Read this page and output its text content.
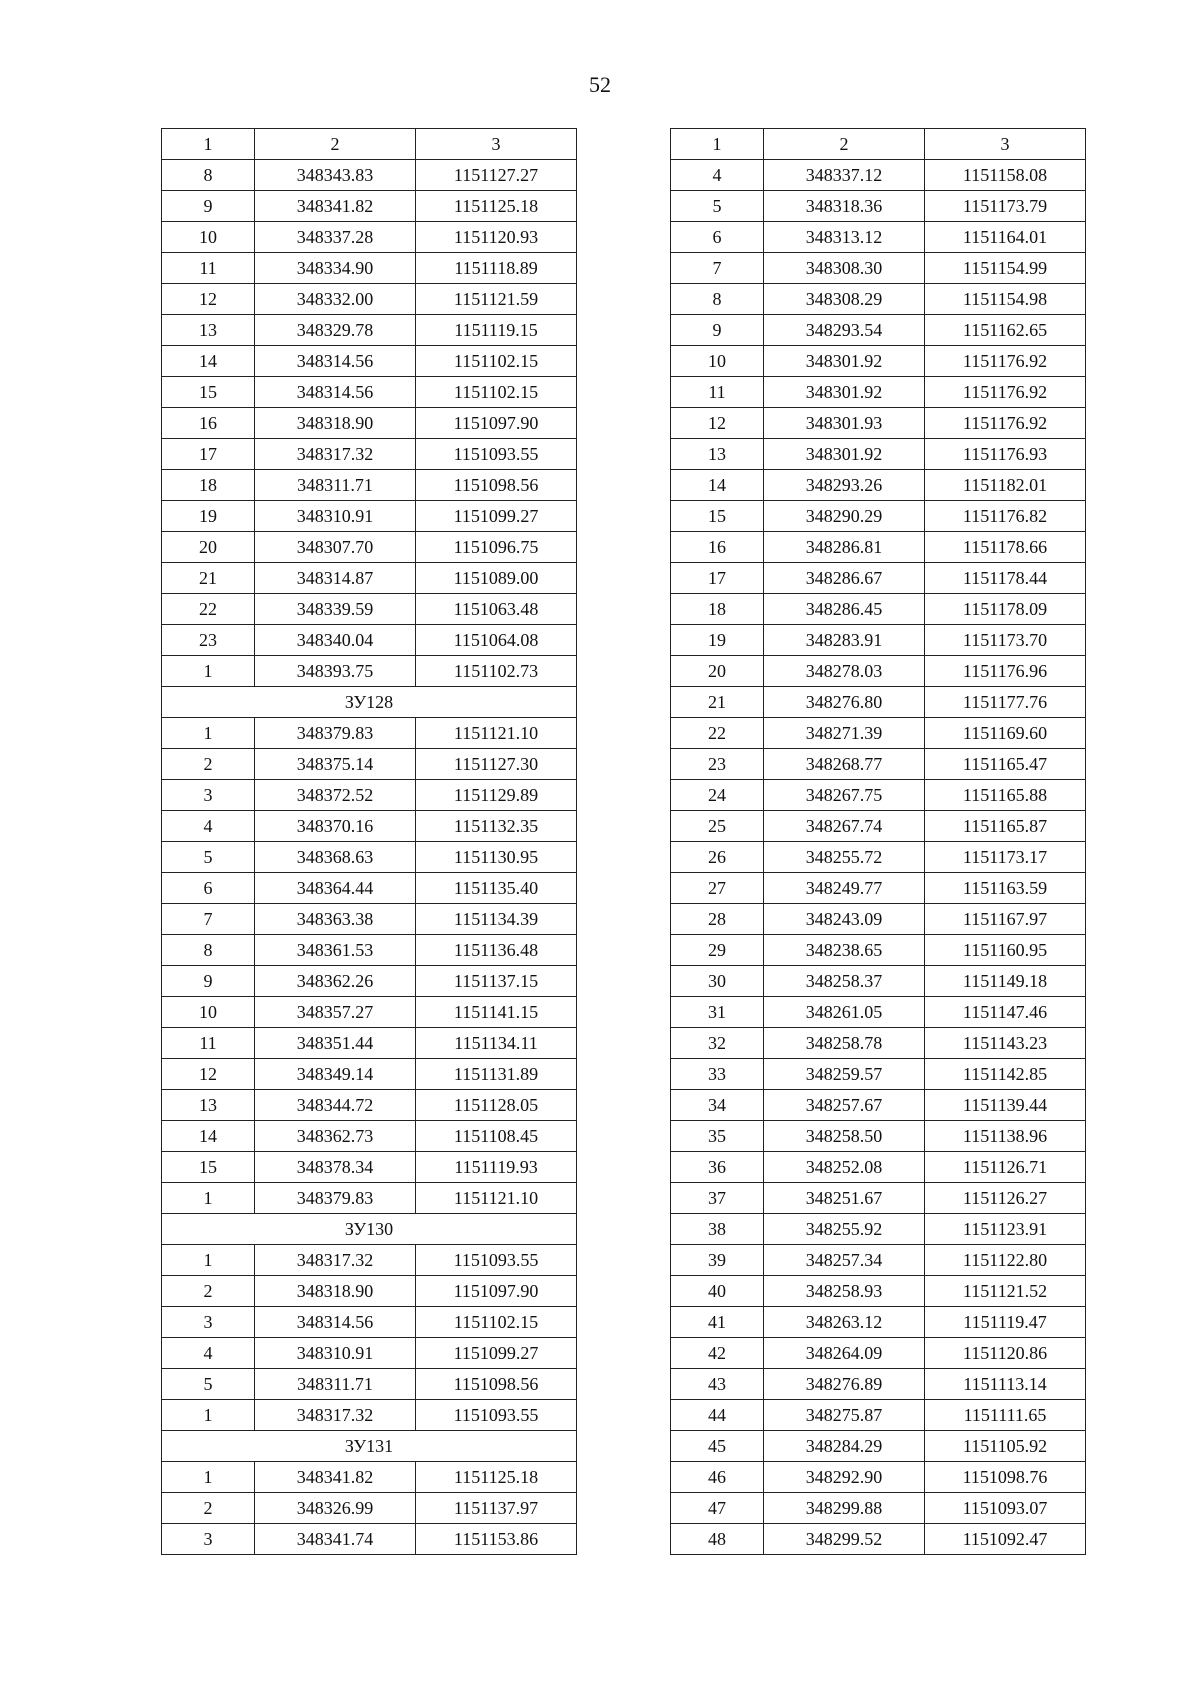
52
1	2	3
8	348343.83	1151127.27
9	348341.82	1151125.18
10	348337.28	1151120.93
11	348334.90	1151118.89
12	348332.00	1151121.59
13	348329.78	1151119.15
14	348314.56	1151102.15
15	348314.56	1151102.15
16	348318.90	1151097.90
17	348317.32	1151093.55
18	348311.71	1151098.56
19	348310.91	1151099.27
20	348307.70	1151096.75
21	348314.87	1151089.00
22	348339.59	1151063.48
23	348340.04	1151064.08
1	348393.75	1151102.73
ЗУ128		
1	348379.83	1151121.10
2	348375.14	1151127.30
3	348372.52	1151129.89
4	348370.16	1151132.35
5	348368.63	1151130.95
6	348364.44	1151135.40
7	348363.38	1151134.39
8	348361.53	1151136.48
9	348362.26	1151137.15
10	348357.27	1151141.15
11	348351.44	1151134.11
12	348349.14	1151131.89
13	348344.72	1151128.05
14	348362.73	1151108.45
15	348378.34	1151119.93
1	348379.83	1151121.10
ЗУ130		
1	348317.32	1151093.55
2	348318.90	1151097.90
3	348314.56	1151102.15
4	348310.91	1151099.27
5	348311.71	1151098.56
1	348317.32	1151093.55
ЗУ131		
1	348341.82	1151125.18
2	348326.99	1151137.97
3	348341.74	1151153.86
1	2	3
4	348337.12	1151158.08
5	348318.36	1151173.79
6	348313.12	1151164.01
7	348308.30	1151154.99
8	348308.29	1151154.98
9	348293.54	1151162.65
10	348301.92	1151176.92
11	348301.92	1151176.92
12	348301.93	1151176.92
13	348301.92	1151176.93
14	348293.26	1151182.01
15	348290.29	1151176.82
16	348286.81	1151178.66
17	348286.67	1151178.44
18	348286.45	1151178.09
19	348283.91	1151173.70
20	348278.03	1151176.96
21	348276.80	1151177.76
22	348271.39	1151169.60
23	348268.77	1151165.47
24	348267.75	1151165.88
25	348267.74	1151165.87
26	348255.72	1151173.17
27	348249.77	1151163.59
28	348243.09	1151167.97
29	348238.65	1151160.95
30	348258.37	1151149.18
31	348261.05	1151147.46
32	348258.78	1151143.23
33	348259.57	1151142.85
34	348257.67	1151139.44
35	348258.50	1151138.96
36	348252.08	1151126.71
37	348251.67	1151126.27
38	348255.92	1151123.91
39	348257.34	1151122.80
40	348258.93	1151121.52
41	348263.12	1151119.47
42	348264.09	1151120.86
43	348276.89	1151113.14
44	348275.87	1151111.65
45	348284.29	1151105.92
46	348292.90	1151098.76
47	348299.88	1151093.07
48	348299.52	1151092.47
